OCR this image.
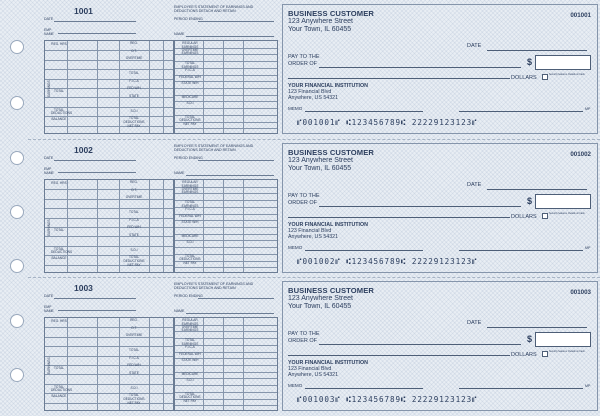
1001
DATE
EMP NAME
EMPLOYEE'S STATEMENT OF EARNINGS AND DEDUCTIONS DETACH AND RETAIN
PERIOD ENDING
NAME
EARNINGS
REG. HRS
TOTAL
TOTAL DEDUCTIONS
BALANCE
REG.
O.T.
OVERTIME
TOTAL
F.I.C.A
FED W/H
STATE
S.D.I
TOTAL DEDUCTIONS
NET PAY
REGULAR EARNINGS
OVERTIME EARNINGS
TOTAL EARNINGS
F.I.C.A
FEDERAL W/H
STATE W/H
MEDICARE
S.D.I
TOTAL DEDUCTIONS
NET PAY
BUSINESS CUSTOMER
123 Anywhere Street
Your Town, IL 60455
001001
DATE
PAY TO THE
ORDER OF	$
DOLLARS
Security features. Details on back.
YOUR FINANCIAL INSTITUTION
123 Financial Blvd
Anywhere, US 54321
MEMO	MP
⑈001001⑈ ⑆123456789⑆ 22229123123⑈
1002
DATE
EMP NAME
EMPLOYEE'S STATEMENT OF EARNINGS AND DEDUCTIONS DETACH AND RETAIN
PERIOD ENDING
NAME
EARNINGS
REG. HRS
TOTAL
TOTAL DEDUCTIONS
BALANCE
REG.
O.T.
OVERTIME
TOTAL
F.I.C.A
FED W/H
STATE
S.D.I
TOTAL DEDUCTIONS
NET PAY
REGULAR EARNINGS
OVERTIME EARNINGS
TOTAL EARNINGS
F.I.C.A
FEDERAL W/H
STATE W/H
MEDICARE
S.D.I
TOTAL DEDUCTIONS
NET PAY
BUSINESS CUSTOMER
123 Anywhere Street
Your Town, IL 60455
001002
DATE
PAY TO THE
ORDER OF	$
DOLLARS
Security features. Details on back.
YOUR FINANCIAL INSTITUTION
123 Financial Blvd
Anywhere, US 54321
MEMO	MP
⑈001002⑈ ⑆123456789⑆ 22229123123⑈
1003
DATE
EMP NAME
EMPLOYEE'S STATEMENT OF EARNINGS AND DEDUCTIONS DETACH AND RETAIN
PERIOD ENDING
NAME
EARNINGS
REG. HRS
TOTAL
TOTAL DEDUCTIONS
BALANCE
REG.
O.T.
OVERTIME
TOTAL
F.I.C.A
FED W/H
STATE
S.D.I
TOTAL DEDUCTIONS
NET PAY
REGULAR EARNINGS
OVERTIME EARNINGS
TOTAL EARNINGS
F.I.C.A
FEDERAL W/H
STATE W/H
MEDICARE
S.D.I
TOTAL DEDUCTIONS
NET PAY
BUSINESS CUSTOMER
123 Anywhere Street
Your Town, IL 60455
001003
DATE
PAY TO THE
ORDER OF	$
DOLLARS
Security features. Details on back.
YOUR FINANCIAL INSTITUTION
123 Financial Blvd
Anywhere, US 54321
MEMO	MP
⑈001003⑈ ⑆123456789⑆ 22229123123⑈
